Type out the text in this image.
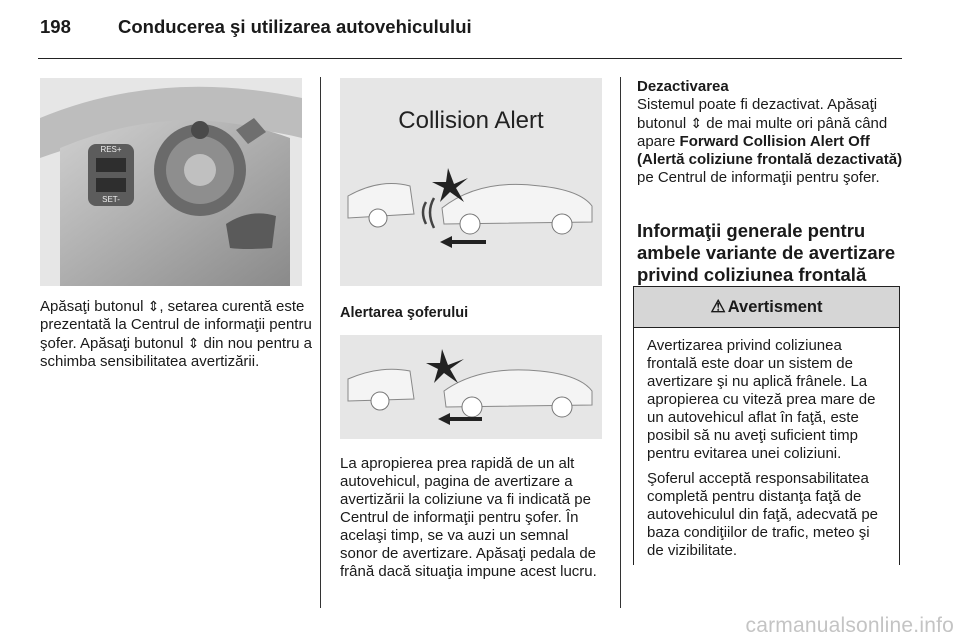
198	Conducerea şi utilizarea autovehiculului
RES+
SET-
Apăsaţi butonul ⇕, setarea curentă este prezentată la Centrul de informaţii pentru şofer. Apăsaţi butonul ⇕ din nou pentru a schimba sensibilitatea avertizării.
Collision Alert
Alertarea şoferului
La apropierea prea rapidă de un alt autovehicul, pagina de avertizare a avertizării la coliziune va fi indicată pe Centrul de informaţii pentru şofer. În acelaşi timp, se va auzi un semnal sonor de avertizare. Apăsaţi pedala de frână dacă situaţia impune acest lucru.
Dezactivarea
Sistemul poate fi dezactivat. Apăsaţi butonul ⇕ de mai multe ori până când apare Forward Collision Alert Off (Alertă coliziune frontală dezactivată) pe Centrul de informaţii pentru şofer.
Informaţii generale pentru ambele variante de avertizare privind coliziunea frontală
⚠ Avertisment

Avertizarea privind coliziunea frontală este doar un sistem de avertizare şi nu aplică frânele. La apropierea cu viteză prea mare de un autovehicul aflat în faţă, este posibil să nu aveţi suficient timp pentru evitarea unei coliziuni.

Şoferul acceptă responsabilitatea completă pentru distanţa faţă de autovehiculul din faţă, adecvată pe baza condiţiilor de trafic, meteo şi de vizibilitate.

carmanualsonline.info
